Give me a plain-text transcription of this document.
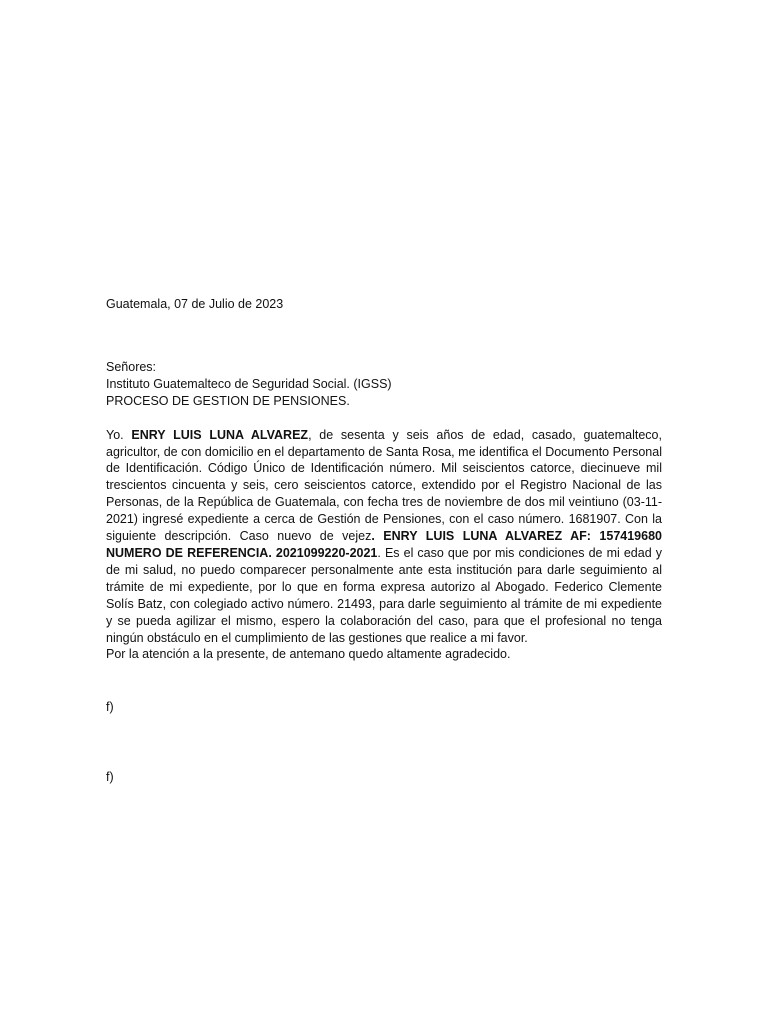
Guatemala, 07 de Julio de 2023

Señores:
Instituto Guatemalteco de Seguridad Social. (IGSS)
PROCESO DE GESTION DE PENSIONES.

Yo. ENRY LUIS LUNA ALVAREZ, de sesenta y seis años de edad, casado, guatemalteco, agricultor, de con domicilio en el departamento de Santa Rosa, me identifica el Documento Personal de Identificación. Código Único de Identificación número. Mil seiscientos catorce, diecinueve mil trescientos cincuenta y seis, cero seiscientos catorce, extendido por el Registro Nacional de las Personas, de la República de Guatemala, con fecha tres de noviembre de dos mil veintiuno (03-11-2021) ingresé expediente a cerca de Gestión de Pensiones, con el caso número. 1681907. Con la siguiente descripción. Caso nuevo de vejez. ENRY LUIS LUNA ALVAREZ AF: 157419680 NUMERO DE REFERENCIA. 2021099220-2021. Es el caso que por mis condiciones de mi edad y de mi salud, no puedo comparecer personalmente ante esta institución para darle seguimiento al trámite de mi expediente, por lo que en forma expresa autorizo al Abogado. Federico Clemente Solís Batz, con colegiado activo número. 21493, para darle seguimiento al trámite de mi expediente y se pueda agilizar el mismo, espero la colaboración del caso, para que el profesional no tenga ningún obstáculo en el cumplimiento de las gestiones que realice a mi favor.

Por la atención a la presente, de antemano quedo altamente agradecido.

f)

f)
